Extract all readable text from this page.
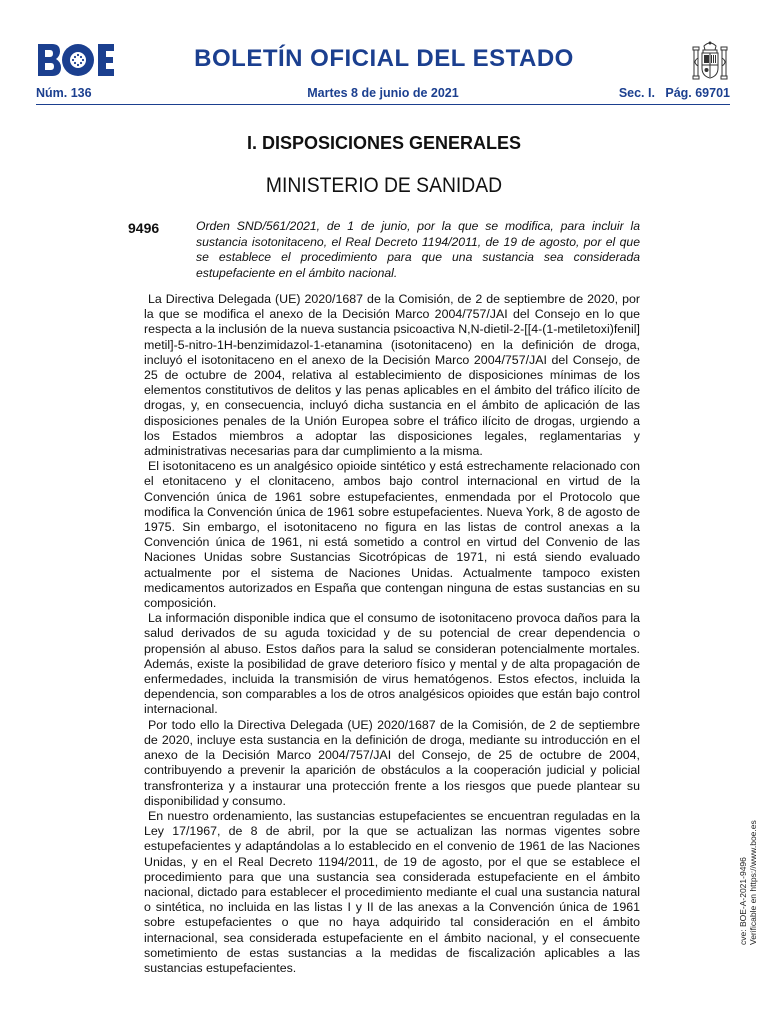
BOLETÍN OFICIAL DEL ESTADO
Núm. 136	Martes 8 de junio de 2021	Sec. I.   Pág. 69701
I. DISPOSICIONES GENERALES
MINISTERIO DE SANIDAD
9496	Orden SND/561/2021, de 1 de junio, por la que se modifica, para incluir la sustancia isotonitaceno, el Real Decreto 1194/2011, de 19 de agosto, por el que se establece el procedimiento para que una sustancia sea considerada estupefaciente en el ámbito nacional.

La Directiva Delegada (UE) 2020/1687 de la Comisión, de 2 de septiembre de 2020, por la que se modifica el anexo de la Decisión Marco 2004/757/JAI del Consejo en lo que respecta a la inclusión de la nueva sustancia psicoactiva N,N-dietil-2-[[4-(1-metiletoxi)fenil] metil]-5-nitro-1H-benzimidazol-1-etanamina (isotonitaceno) en la definición de droga, incluyó el isotonitaceno en el anexo de la Decisión Marco 2004/757/JAI del Consejo, de 25 de octubre de 2004, relativa al establecimiento de disposiciones mínimas de los elementos constitutivos de delitos y las penas aplicables en el ámbito del tráfico ilícito de drogas, y, en consecuencia, incluyó dicha sustancia en el ámbito de aplicación de las disposiciones penales de la Unión Europea sobre el tráfico ilícito de drogas, urgiendo a los Estados miembros a adoptar las disposiciones legales, reglamentarias y administrativas necesarias para dar cumplimiento a la misma.

El isotonitaceno es un analgésico opioide sintético y está estrechamente relacionado con el etonitaceno y el clonitaceno, ambos bajo control internacional en virtud de la Convención única de 1961 sobre estupefacientes, enmendada por el Protocolo que modifica la Convención única de 1961 sobre estupefacientes. Nueva York, 8 de agosto de 1975. Sin embargo, el isotonitaceno no figura en las listas de control anexas a la Convención única de 1961, ni está sometido a control en virtud del Convenio de las Naciones Unidas sobre Sustancias Sicotrópicas de 1971, ni está siendo evaluado actualmente por el sistema de Naciones Unidas. Actualmente tampoco existen medicamentos autorizados en España que contengan ninguna de estas sustancias en su composición.

La información disponible indica que el consumo de isotonitaceno provoca daños para la salud derivados de su aguda toxicidad y de su potencial de crear dependencia o propensión al abuso. Estos daños para la salud se consideran potencialmente mortales. Además, existe la posibilidad de grave deterioro físico y mental y de alta propagación de enfermedades, incluida la transmisión de virus hematógenos. Estos efectos, incluida la dependencia, son comparables a los de otros analgésicos opioides que están bajo control internacional.

Por todo ello la Directiva Delegada (UE) 2020/1687 de la Comisión, de 2 de septiembre de 2020, incluye esta sustancia en la definición de droga, mediante su introducción en el anexo de la Decisión Marco 2004/757/JAI del Consejo, de 25 de octubre de 2004, contribuyendo a prevenir la aparición de obstáculos a la cooperación judicial y policial transfronteriza y a instaurar una protección frente a los riesgos que puede plantear su disponibilidad y consumo.

En nuestro ordenamiento, las sustancias estupefacientes se encuentran reguladas en la Ley 17/1967, de 8 de abril, por la que se actualizan las normas vigentes sobre estupefacientes y adaptándolas a lo establecido en el convenio de 1961 de las Naciones Unidas, y en el Real Decreto 1194/2011, de 19 de agosto, por el que se establece el procedimiento para que una sustancia sea considerada estupefaciente en el ámbito nacional, dictado para establecer el procedimiento mediante el cual una sustancia natural o sintética, no incluida en las listas I y II de las anexas a la Convención única de 1961 sobre estupefacientes o que no haya adquirido tal consideración en el ámbito internacional, sea considerada estupefaciente en el ámbito nacional, y el consecuente sometimiento de estas sustancias a la medidas de fiscalización aplicables a las sustancias estupefacientes.

cve: BOE-A-2021-9496 Verificable en https://www.boe.es
